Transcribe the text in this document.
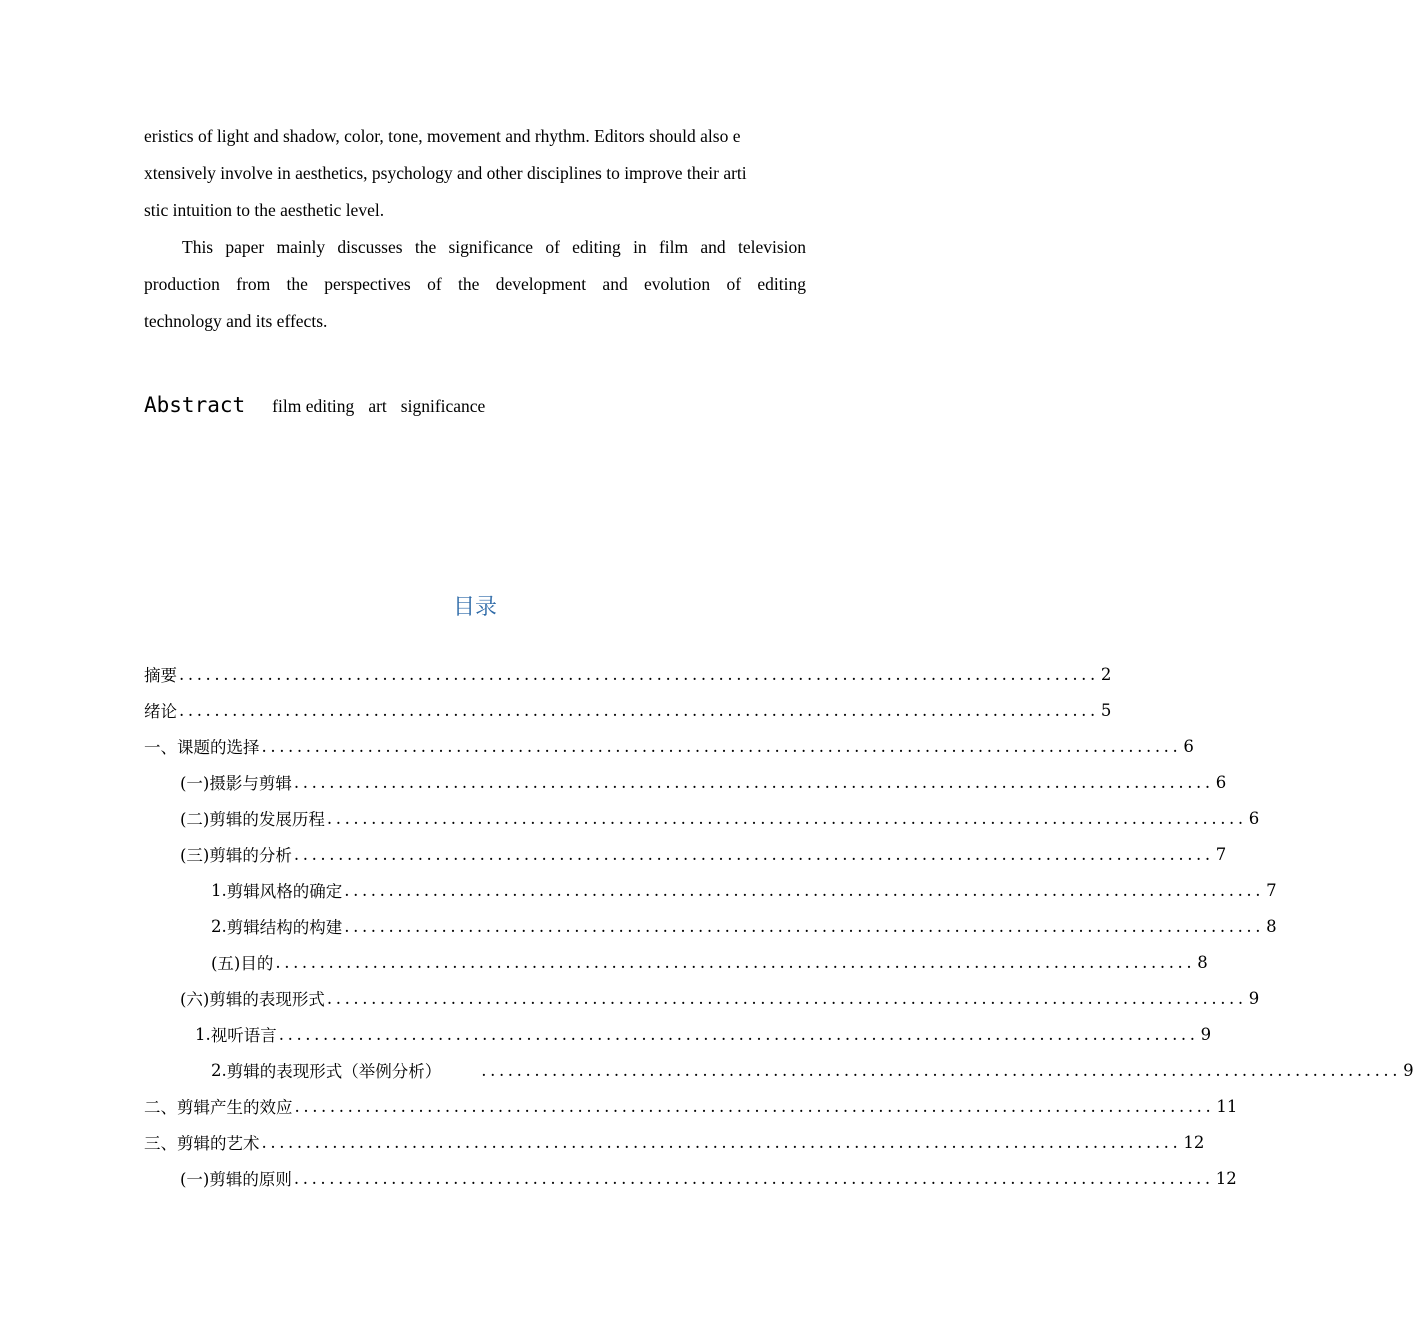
eristics of light and shadow, color, tone, movement and rhythm. Editors should also e
xtensively involve in aesthetics, psychology and other disciplines to improve their arti
stic intuition to the aesthetic level.
This paper mainly discusses the significance of editing in film and television
production from the perspectives of the development and evolution of editing
technology and its effects.
Abstract film editing art significance
目录
摘要 ........................................................................................................ 2
绪论 ........................................................................................................ 5
一、 课题的选择 ........................................................................................................ 6
(一) 摄影与剪辑 ........................................................................................................ 6
(二) 剪辑的发展历程 ........................................................................................................ 6
(三) 剪辑的分析 ........................................................................................................ 7
1. 剪辑风格的确定 ........................................................................................................ 7
2. 剪辑结构的构建 ........................................................................................................ 8
(五) 目的 ........................................................................................................ 8
(六) 剪辑的表现形式 ........................................................................................................ 9
1. 视听语言 ........................................................................................................ 9
2. 剪辑的表现形式（举例分析） ........................................................................................................ 9
二、 剪辑产生的效应 ........................................................................................................ 11
三、 剪辑的艺术 ........................................................................................................ 12
(一) 剪辑的原则 ........................................................................................................ 12
